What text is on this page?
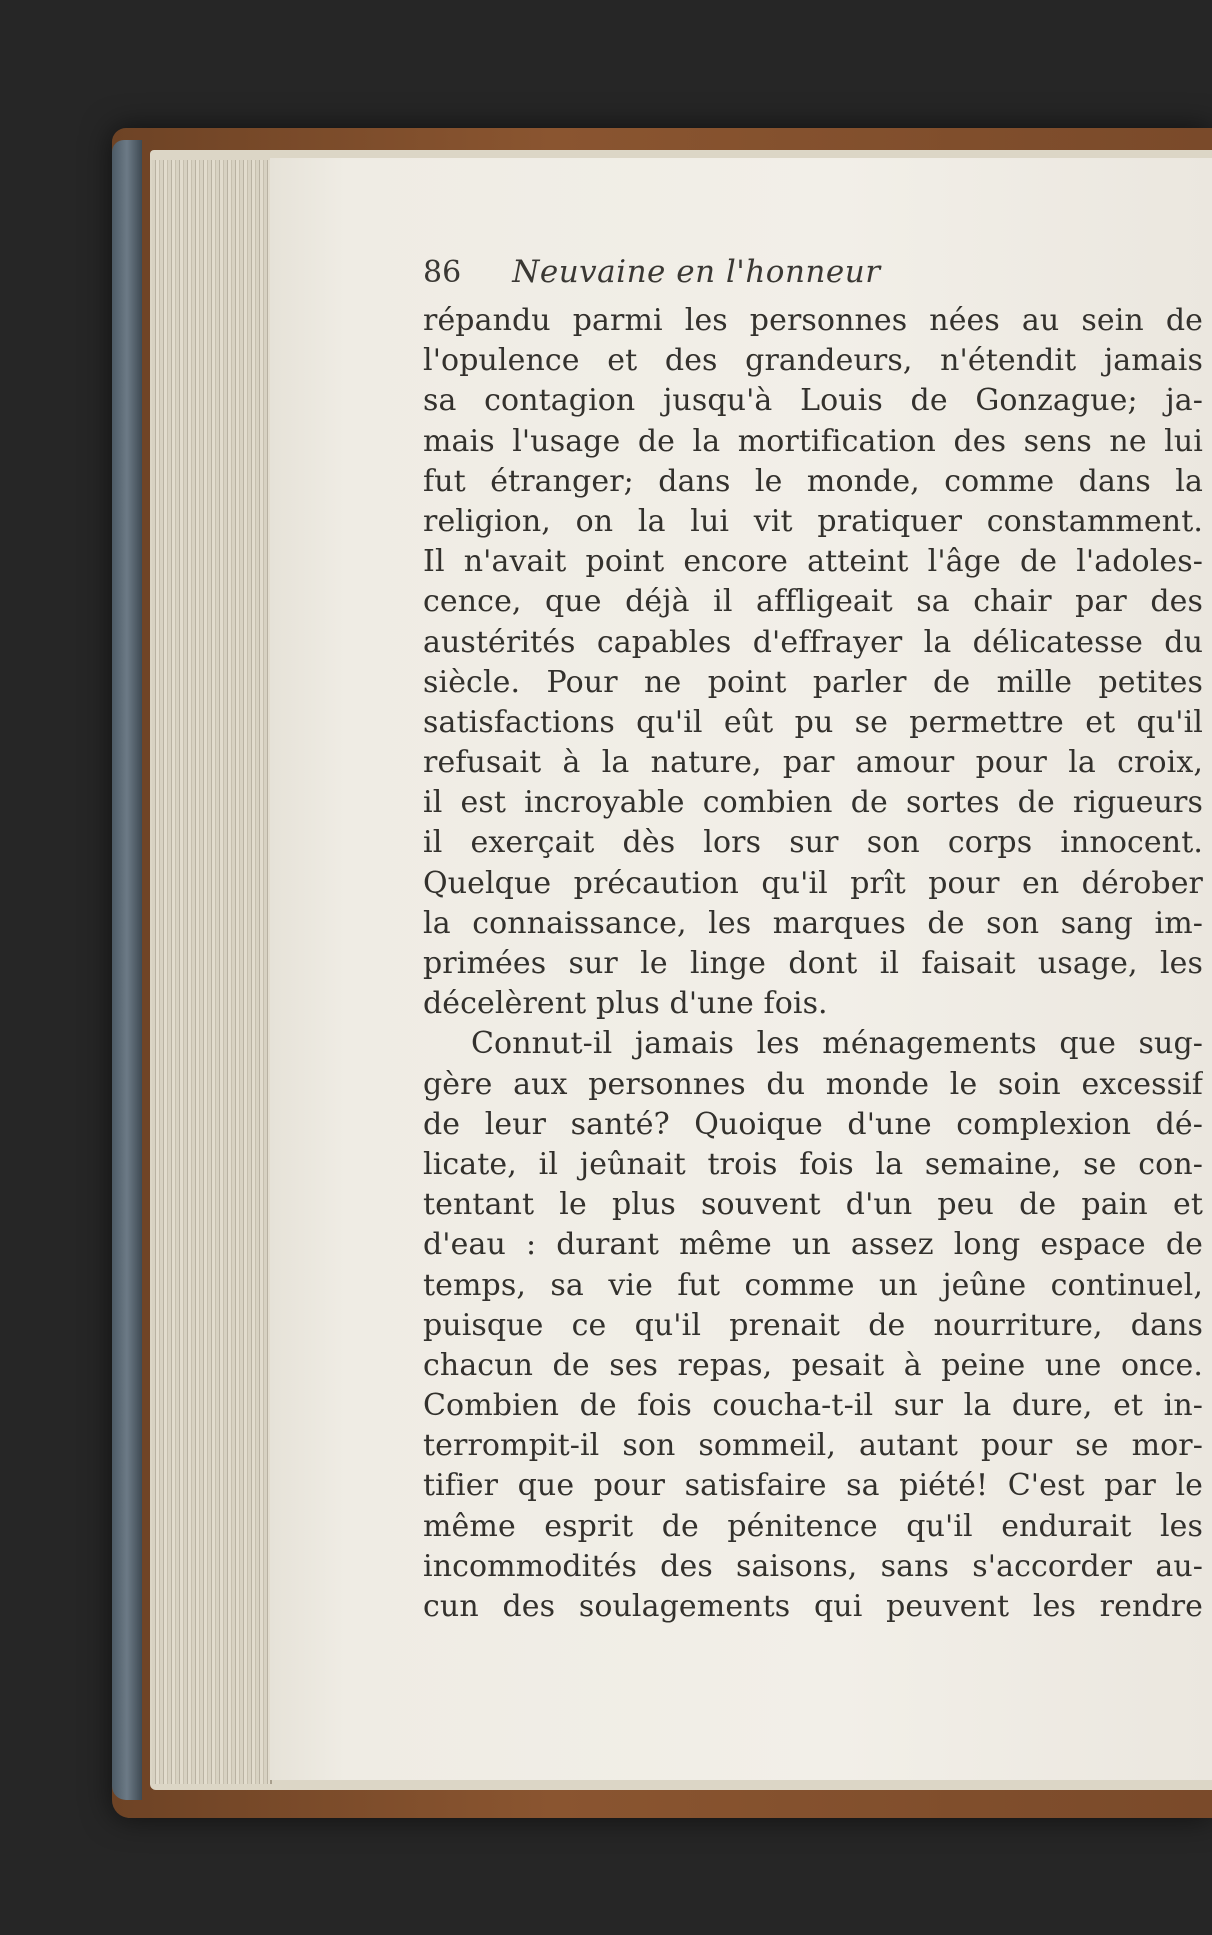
86 Neuvaine en l'honneur
répandu parmi les personnes nées au sein de
l'opulence et des grandeurs, n'étendit jamais
sa contagion jusqu'à Louis de Gonzague; ja-
mais l'usage de la mortification des sens ne lui
fut étranger; dans le monde, comme dans la
religion, on la lui vit pratiquer constamment.
Il n'avait point encore atteint l'âge de l'adoles-
cence, que déjà il affligeait sa chair par des
austérités capables d'effrayer la délicatesse du
siècle. Pour ne point parler de mille petites
satisfactions qu'il eût pu se permettre et qu'il
refusait à la nature, par amour pour la croix,
il est incroyable combien de sortes de rigueurs
il exerçait dès lors sur son corps innocent.
Quelque précaution qu'il prît pour en dérober
la connaissance, les marques de son sang im-
primées sur le linge dont il faisait usage, les
décelèrent plus d'une fois.
Connut-il jamais les ménagements que sug-
gère aux personnes du monde le soin excessif
de leur santé? Quoique d'une complexion dé-
licate, il jeûnait trois fois la semaine, se con-
tentant le plus souvent d'un peu de pain et
d'eau : durant même un assez long espace de
temps, sa vie fut comme un jeûne continuel,
puisque ce qu'il prenait de nourriture, dans
chacun de ses repas, pesait à peine une once.
Combien de fois coucha-t-il sur la dure, et in-
terrompit-il son sommeil, autant pour se mor-
tifier que pour satisfaire sa piété! C'est par le
même esprit de pénitence qu'il endurait les
incommodités des saisons, sans s'accorder au-
cun des soulagements qui peuvent les rendre
